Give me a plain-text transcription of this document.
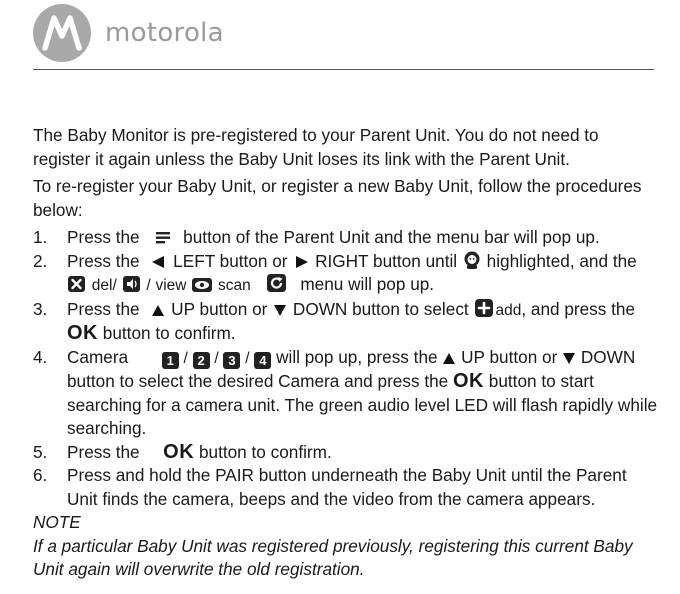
motorola

The Baby Monitor is pre-registered to your Parent Unit. You do not need to register it again unless the Baby Unit loses its link with the Parent Unit.

To re-register your Baby Unit, or register a new Baby Unit, follow the procedures below:

1. Press the	button of the Parent Unit and the menu bar will pop up.
2. Press the LEFT button or RIGHT button until highlighted, and the  del/ / view scan	menu will pop up.
3. Press the UP button or DOWN button to select add, and press the
OK button to confirm.
4. Camera	1 / 2 / 3 / 4 will pop up, press the UP button or DOWN
button to select the desired Camera and press the OK button to start searching for a camera unit. The green audio level LED will flash rapidly while searching.
5. Press the OK button to confirm.
6. Press and hold the PAIR button underneath the Baby Unit until the Parent Unit finds the camera, beeps and the video from the camera appears.

NOTE

If a particular Baby Unit was registered previously, registering this current Baby Unit again will overwrite the old registration.
